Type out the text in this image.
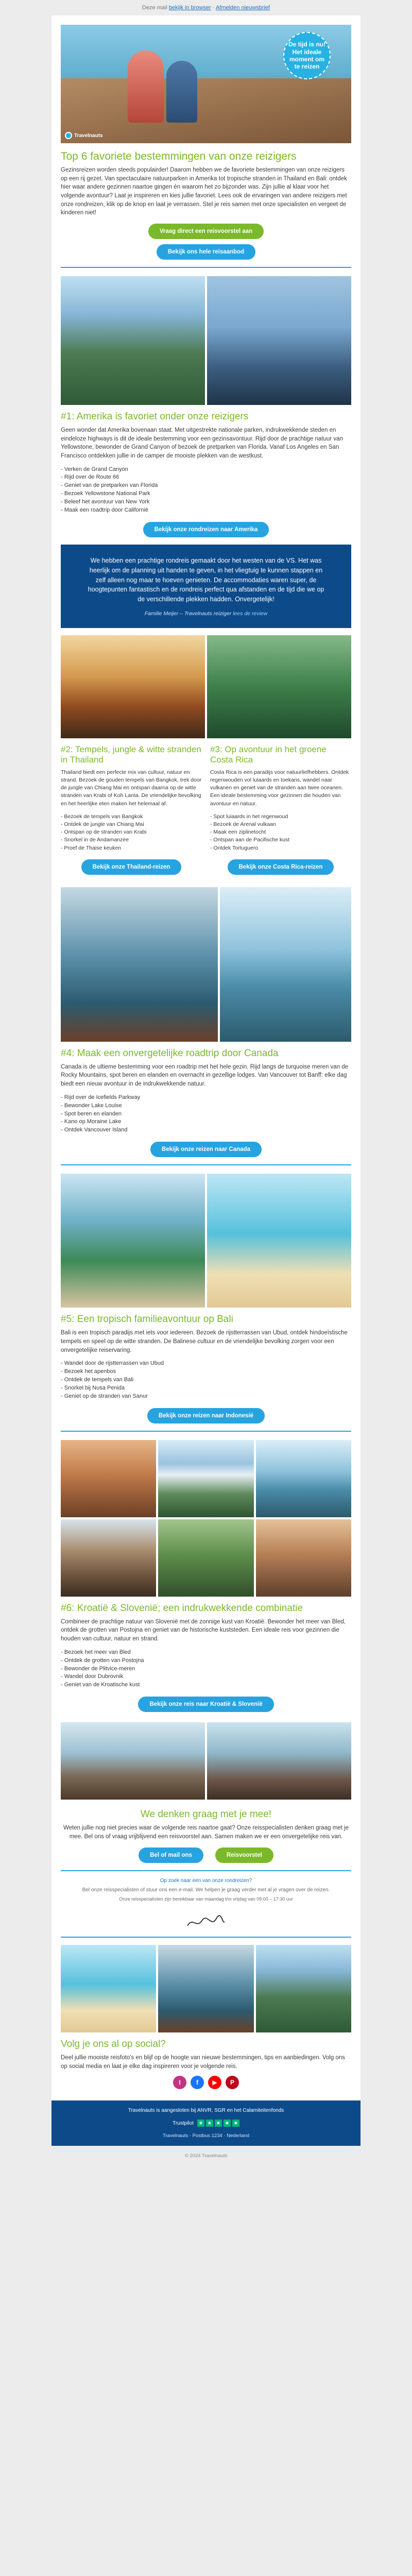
Deze mail bekijk in browser · Afmelden nieuwsbrief
De tijd is nu! Het ideale moment om te reizen
Travelnauts
Top 6 favoriete bestemmingen van onze reizigers

Gezinsreizen worden steeds populairder! Daarom hebben we de favoriete bestemmingen van onze reizigers op een rij gezet. Van spectaculaire natuurparken in Amerika tot tropische stranden in Thailand en Bali: ontdek hier waar andere gezinnen naartoe gingen én waarom het zo bijzonder was. Zijn jullie al klaar voor het volgende avontuur? Laat je inspireren en kies jullie favoriet. Lees ook de ervaringen van andere reizigers met onze rondreizen, klik op de knop en laat je verrassen. Stel je reis samen met onze specialisten en vergeet de kinderen niet!

Vraag direct een reisvoorstel aan
Bekijk ons hele reisaanbod
#1: Amerika is favoriet onder onze reizigers

Geen wonder dat Amerika bovenaan staat. Met uitgestrekte nationale parken, indrukwekkende steden en eindeloze highways is dit de ideale bestemming voor een gezinsavontuur. Rijd door de prachtige natuur van Yellowstone, bewonder de Grand Canyon of bezoek de pretparken van Florida. Vanaf Los Angeles en San Francisco ontdekken jullie in de camper de mooiste plekken van de westkust.

- Verken de Grand Canyon
- Rijd over de Route 66
- Geniet van de pretparken van Florida
- Bezoek Yellowstone National Park
- Beleef het avontuur van New York
- Maak een roadtrip door Californië
Bekijk onze rondreizen naar Amerika

We hebben een prachtige rondreis gemaakt door het westen van de VS. Het was heerlijk om de planning uit handen te geven, in het vliegtuig te kunnen stappen en zelf alleen nog maar te hoeven genieten. De accommodaties waren super, de hoogtepunten fantastisch en de rondreis perfect qua afstanden en de tijd die we op de verschillende plekken hadden. Onvergetelijk!

Familie Meijer – Travelnauts reiziger lees de review
#2: Tempels, jungle & witte stranden in Thailand

Thailand biedt een perfecte mix van cultuur, natuur en strand. Bezoek de gouden tempels van Bangkok, trek door de jungle van Chiang Mai en ontspan daarna op de witte stranden van Krabi of Koh Lanta. De vriendelijke bevolking en het heerlijke eten maken het helemaal af.

- Bezoek de tempels van Bangkok
- Ontdek de jungle van Chiang Mai
- Ontspan op de stranden van Krabi
- Snorkel in de Andamanzee
- Proef de Thaise keuken
Bekijk onze Thailand-reizen
#3: Op avontuur in het groene Costa Rica

Costa Rica is een paradijs voor natuurliefhebbers. Ontdek regenwouden vol luiaards en toekans, wandel naar vulkanen en geniet van de stranden aan twee oceanen. Een ideale bestemming voor gezinnen die houden van avontuur en natuur.

- Spot luiaards in het regenwoud
- Bezoek de Arenal vulkaan
- Maak een ziplinetocht
- Ontspan aan de Pacifische kust
- Ontdek Tortuguero
Bekijk onze Costa Rica-reizen
#4: Maak een onvergetelijke roadtrip door Canada

Canada is de ultieme bestemming voor een roadtrip met het hele gezin. Rijd langs de turquoise meren van de Rocky Mountains, spot beren en elanden en overnacht in gezellige lodges. Van Vancouver tot Banff: elke dag biedt een nieuw avontuur in de indrukwekkende natuur.

- Rijd over de Icefields Parkway
- Bewonder Lake Louise
- Spot beren en elanden
- Kano op Moraine Lake
- Ontdek Vancouver Island
Bekijk onze reizen naar Canada
#5: Een tropisch familieavontuur op Bali

Bali is een tropisch paradijs met iets voor iedereen. Bezoek de rijstterrassen van Ubud, ontdek hindoeïstische tempels en speel op de witte stranden. De Balinese cultuur en de vriendelijke bevolking zorgen voor een onvergetelijke reiservaring.

- Wandel door de rijstterrassen van Ubud
- Bezoek het apenbos
- Ontdek de tempels van Bali
- Snorkel bij Nusa Penida
- Geniet op de stranden van Sanur
Bekijk onze reizen naar Indonesië
#6: Kroatië & Slovenië; een indrukwekkende combinatie

Combineer de prachtige natuur van Slovenië met de zonnige kust van Kroatië. Bewonder het meer van Bled, ontdek de grotten van Postojna en geniet van de historische kuststeden. Een ideale reis voor gezinnen die houden van cultuur, natuur en strand.

- Bezoek het meer van Bled
- Ontdek de grotten van Postojna
- Bewonder de Plitvice-meren
- Wandel door Dubrovnik
- Geniet van de Kroatische kust
Bekijk onze reis naar Kroatië & Slovenië
We denken graag met je mee!

Weten jullie nog niet precies waar de volgende reis naartoe gaat? Onze reisspecialisten denken graag met je mee. Bel ons of vraag vrijblijvend een reisvoorstel aan. Samen maken we er een onvergetelijke reis van.

Bel of mail ons	Reisvoorstel
Op zoek naar een van onze rondreizen?
Bel onze reisspecialisten of stuur ons een e-mail. We helpen je graag verder met al je vragen over de reizen.
Onze reisspecialisten zijn bereikbaar van maandag t/m vrijdag van 09:00 – 17:30 uur
Volg je ons al op social?

Deel jullie mooiste reisfoto's en blijf op de hoogte van nieuwe bestemmingen, tips en aanbiedingen. Volg ons op social media en laat je elke dag inspireren voor je volgende reis.

I	f	▶	P
Travelnauts is aangesloten bij ANVR, SGR en het Calamiteitenfonds
Trustpilot ★ ★ ★ ★ ★
Travelnauts · Postbus 1234 · Nederland
© 2024 Travelnauts
